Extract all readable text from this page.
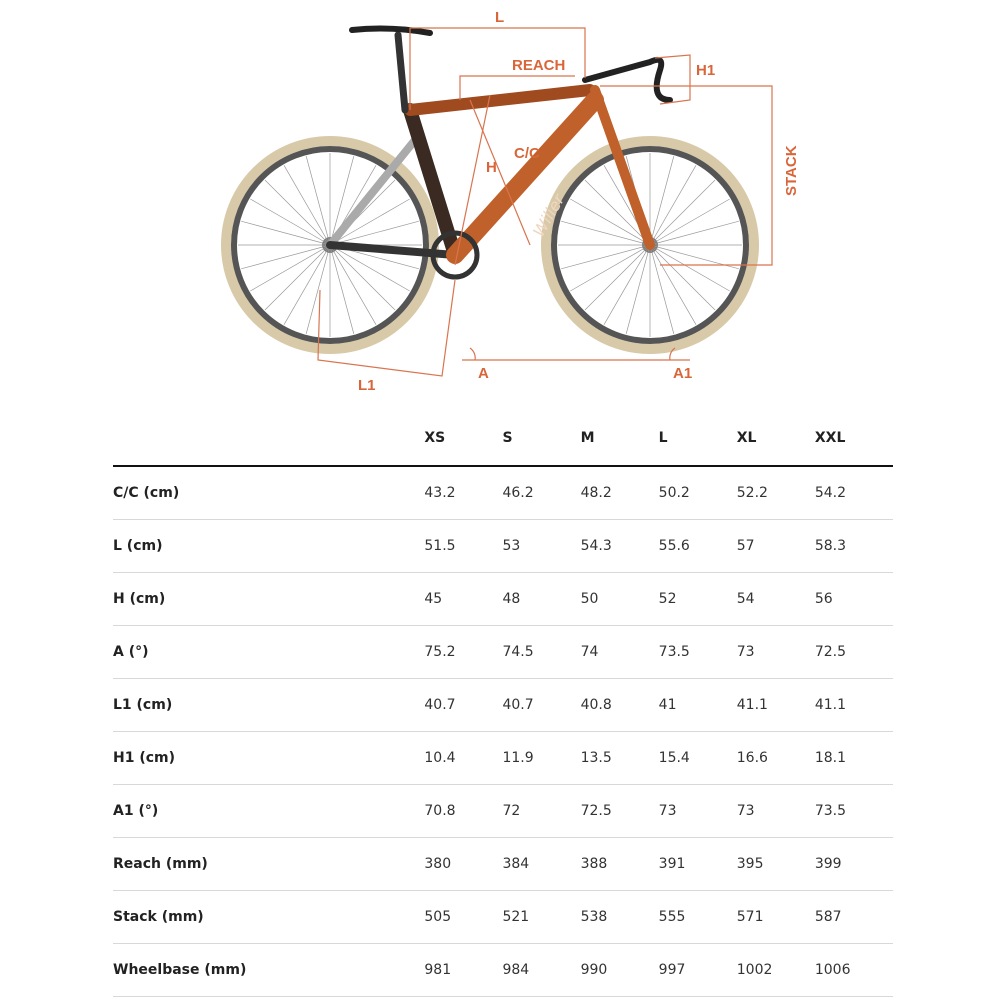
Wilier
L
REACH	H1
C/C
H	STACK
L1
A	A1
	XS	S	M	L	XL	XXL
C/C (cm)	43.2	46.2	48.2	50.2	52.2	54.2
L (cm)	51.5	53	54.3	55.6	57	58.3
H (cm)	45	48	50	52	54	56
A (°)	75.2	74.5	74	73.5	73	72.5
L1 (cm)	40.7	40.7	40.8	41	41.1	41.1
H1 (cm)	10.4	11.9	13.5	15.4	16.6	18.1
A1 (°)	70.8	72	72.5	73	73	73.5
Reach (mm)	380	384	388	391	395	399
Stack (mm)	505	521	538	555	571	587
Wheelbase (mm)	981	984	990	997	1002	1006
